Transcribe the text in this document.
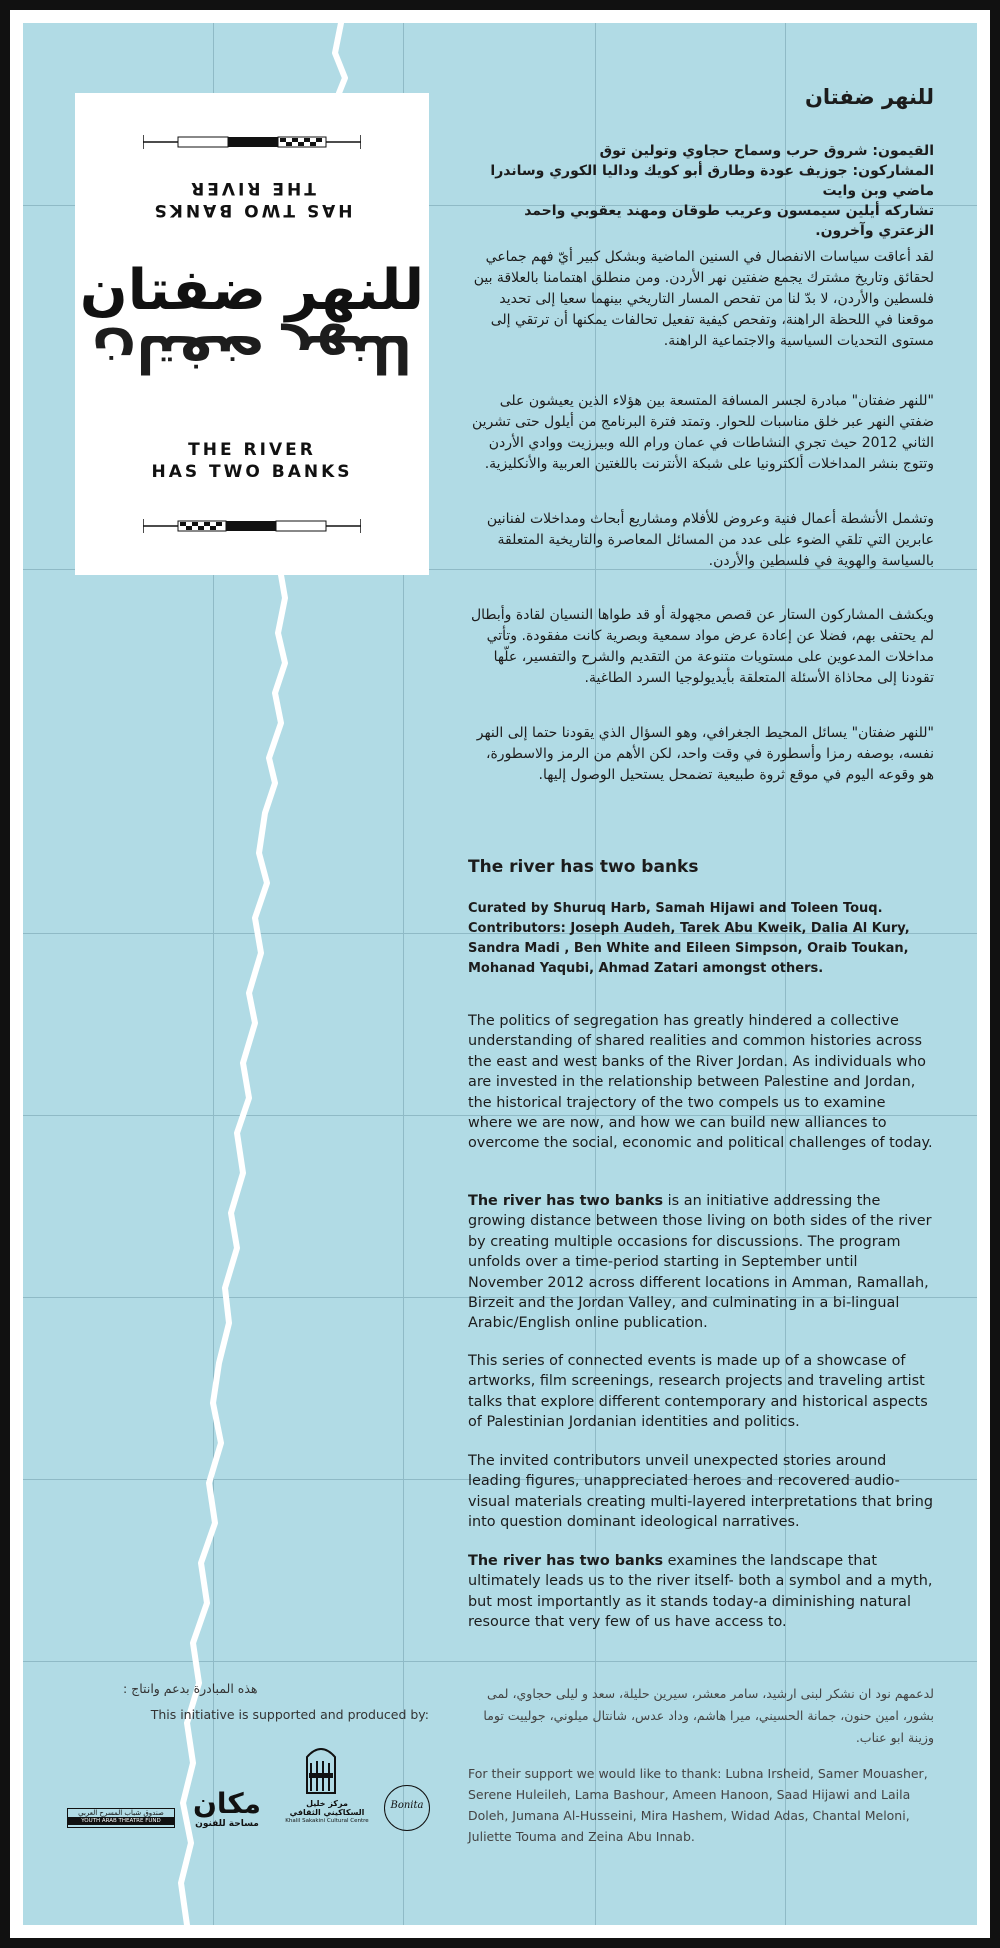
HAS TWO BANKS
THE RIVER
للنهر ضفتان
للنهر ضفتان
THE RIVER
HAS TWO BANKS
للنهر ضفتان
القيمون: شروق حرب وسماح حجاوي وتولين توق
المشاركون: جوزيف عودة وطارق أبو كويك وداليا الكوري وساندرا ماضي وبن وايت
تشاركه أيلين سيمسون وعريب طوقان ومهند يعقوبي واحمد الزعتري وآخرون.
لقد أعاقت سياسات الانفصال في السنين الماضية وبشكل كبير أيّ فهم جماعي لحقائق وتاريخ مشترك يجمع ضفتين نهر الأردن. ومن منطلق اهتمامنا بالعلاقة بين فلسطين والأردن، لا بدّ لنا من تفحص المسار التاريخي بينهما سعيا إلى تحديد موقعنا في اللحظة الراهنة، وتفحص كيفية تفعيل تحالفات يمكنها أن ترتقي إلى مستوى التحديات السياسية والاجتماعية الراهنة.
"للنهر ضفتان" مبادرة لجسر المسافة المتسعة بين هؤلاء الذين يعيشون على ضفتي النهر عبر خلق مناسبات للحوار. وتمتد فترة البرنامج من أيلول حتى تشرين الثاني 2012 حيث تجري النشاطات في عمان ورام الله وبيرزيت ووادي الأردن وتتوج بنشر المداخلات ألكترونيا على شبكة الأنترنت باللغتين العربية والأنكليزية.
وتشمل الأنشطة أعمال فنية وعروض للأفلام ومشاريع أبحاث ومداخلات لفنانين عابرين التي تلقي الضوء على عدد من المسائل المعاصرة والتاريخية المتعلقة بالسياسة والهوية في فلسطين والأردن.
ويكشف المشاركون الستار عن قصص مجهولة أو قد طواها النسيان لقادة وأبطال لم يحتفى بهم، فضلا عن إعادة عرض مواد سمعية وبصرية كانت مفقودة. وتأتي مداخلات المدعوين على مستويات متنوعة من التقديم والشرح والتفسير، علّها تقودنا إلى محاذاة الأسئلة المتعلقة بأيديولوجيا السرد الطاغية.
"للنهر ضفتان" يسائل المحيط الجغرافي، وهو السؤال الذي يقودنا حتما إلى النهر نفسه، بوصفه رمزا وأسطورة في وقت واحد، لكن الأهم من الرمز والاسطورة، هو وقوعه اليوم في موقع ثروة طبيعية تضمحل يستحيل الوصول إليها.
The river has two banks
Curated by Shuruq Harb, Samah Hijawi and Toleen Touq.
Contributors: Joseph Audeh, Tarek Abu Kweik, Dalia Al Kury, Sandra Madi , Ben White and Eileen Simpson, Oraib Toukan, Mohanad Yaqubi, Ahmad Zatari amongst others.
The politics of segregation has greatly hindered a collective understanding of shared realities and common histories across the east and west banks of the River Jordan. As individuals who are invested in the relationship between Palestine and Jordan, the historical trajectory of the two compels us to examine where we are now, and how we can build new alliances to overcome the social, economic and political challenges of today.
The river has two banks is an initiative addressing the growing distance between those living on both sides of the river by creating multiple occasions for discussions. The program unfolds over a time-period starting in September until November 2012 across different locations in Amman, Ramallah, Birzeit and the Jordan Valley, and culminating in a bi-lingual Arabic/English online publication.
This series of connected events is made up of a showcase of artworks, film screenings, research projects and traveling artist talks that explore different contemporary and historical aspects of Palestinian Jordanian identities and politics.
The invited contributors unveil unexpected stories around leading figures, unappreciated heroes and recovered audio-visual materials creating multi-layered interpretations that bring into question dominant ideological narratives.
The river has two banks examines the landscape that ultimately leads us to the river itself- both a symbol and a myth, but most importantly as it stands today-a diminishing natural resource that very few of us have access to.
هذه المبادرة بدعم وانتاج :
This initiative is supported and produced by:
لدعمهم نود ان نشكر لبنى ارشيد، سامر معشر، سيرين حليلة، سعد و ليلى حجاوي، لمى بشور، امين حنون، جمانة الحسيني، ميرا هاشم، وداد عدس، شانتال ميلوني، جولييت توما وزينة ابو عناب.
For their support we would like to thank: Lubna Irsheid, Samer Mouasher, Serene Huleileh, Lama Bashour, Ameen Hanoon, Saad Hijawi and Laila Doleh, Jumana Al-Husseini, Mira Hashem, Widad Adas, Chantal Meloni, Juliette Touma and Zeina Abu Innab.
صندوق شباب المسرح العربي
YOUTH ARAB THEATRE FUND
مكان
مساحة للفنون
مركز خليل السكاكيني الثقافي
Khalil Sakakini Cultural Centre
Bonita
